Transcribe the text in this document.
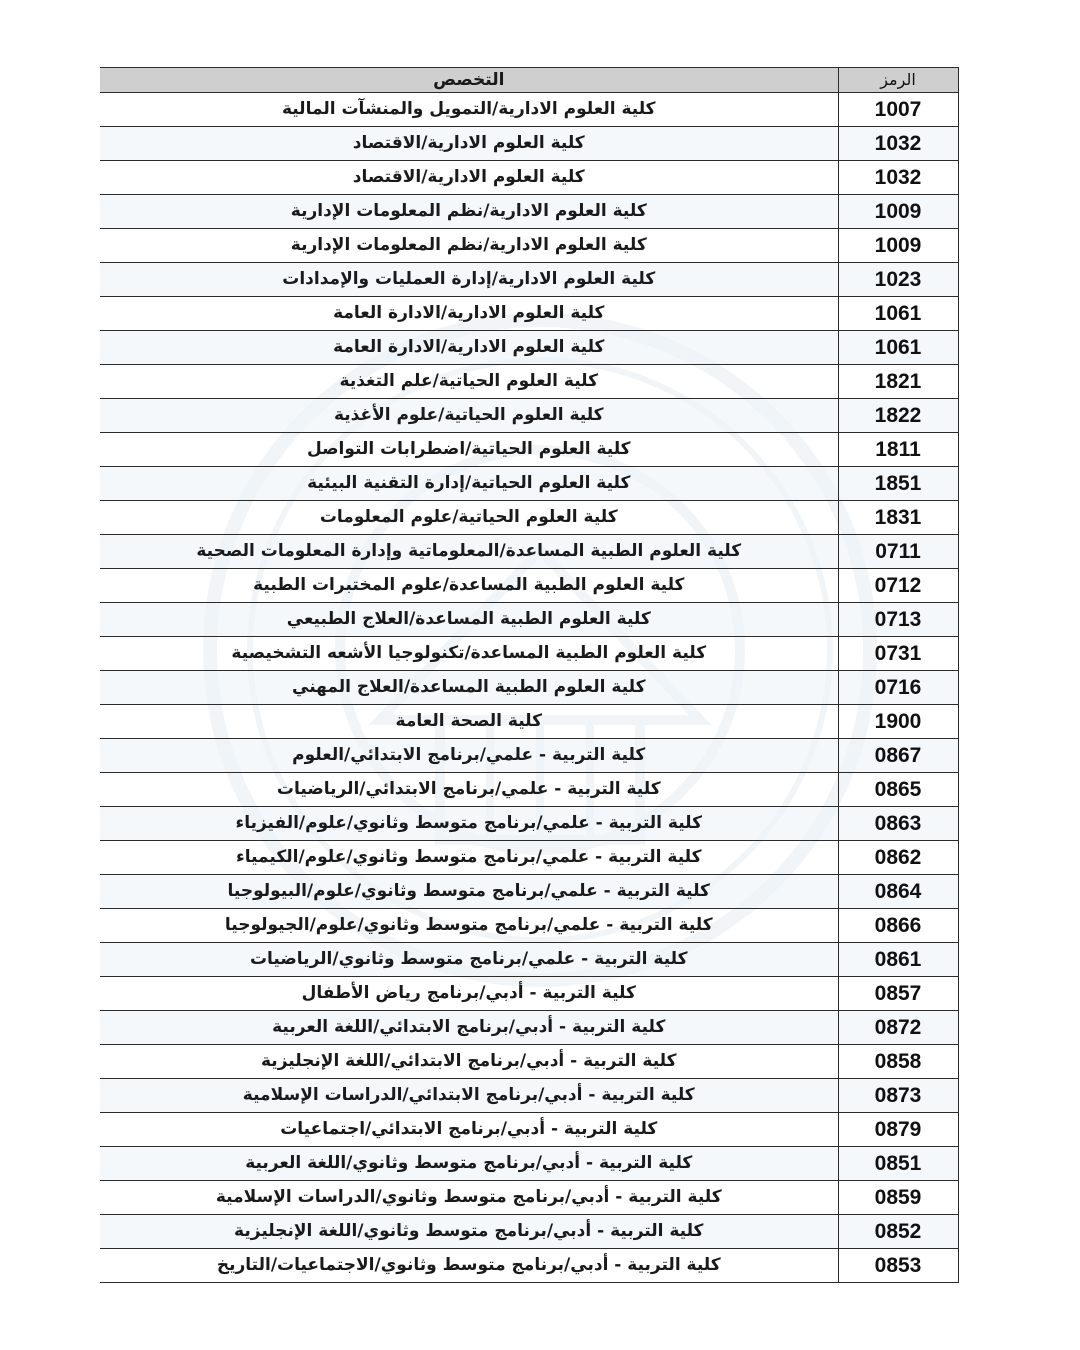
التخصص	الرمز
كلية العلوم الادارية/التمويل والمنشآت المالية	1007
كلية العلوم الادارية/الاقتصاد	1032
كلية العلوم الادارية/الاقتصاد	1032
كلية العلوم الادارية/نظم المعلومات الإدارية	1009
كلية العلوم الادارية/نظم المعلومات الإدارية	1009
كلية العلوم الادارية/إدارة العمليات والإمدادات	1023
كلية العلوم الادارية/الادارة العامة	1061
كلية العلوم الادارية/الادارة العامة	1061
كلية العلوم الحياتية/علم التغذية	1821
كلية العلوم الحياتية/علوم الأغذية	1822
كلية العلوم الحياتية/اضطرابات التواصل	1811
كلية العلوم الحياتية/إدارة التقنية البيئية	1851
كلية العلوم الحياتية/علوم المعلومات	1831
كلية العلوم الطبية المساعدة/المعلوماتية وإدارة المعلومات الصحية	0711
كلية العلوم الطبية المساعدة/علوم المختبرات الطبية	0712
كلية العلوم الطبية المساعدة/العلاج الطبيعي	0713
كلية العلوم الطبية المساعدة/تكنولوجيا الأشعه التشخيصية	0731
كلية العلوم الطبية المساعدة/العلاج المهني	0716
كلية الصحة العامة	1900
كلية التربية - علمي/برنامج الابتدائي/العلوم	0867
كلية التربية - علمي/برنامج الابتدائي/الرياضيات	0865
كلية التربية - علمي/برنامج متوسط وثانوي/علوم/الفيزياء	0863
كلية التربية - علمي/برنامج متوسط وثانوي/علوم/الكيمياء	0862
كلية التربية - علمي/برنامج متوسط وثانوي/علوم/البيولوجيا	0864
كلية التربية - علمي/برنامج متوسط وثانوي/علوم/الجيولوجيا	0866
كلية التربية - علمي/برنامج متوسط وثانوي/الرياضيات	0861
كلية التربية - أدبي/برنامج رياض الأطفال	0857
كلية التربية - أدبي/برنامج الابتدائي/اللغة العربية	0872
كلية التربية - أدبي/برنامج الابتدائي/اللغة الإنجليزية	0858
كلية التربية - أدبي/برنامج الابتدائي/الدراسات الإسلامية	0873
كلية التربية - أدبي/برنامج الابتدائي/اجتماعيات	0879
كلية التربية - أدبي/برنامج متوسط وثانوي/اللغة العربية	0851
كلية التربية - أدبي/برنامج متوسط وثانوي/الدراسات الإسلامية	0859
كلية التربية - أدبي/برنامج متوسط وثانوي/اللغة الإنجليزية	0852
كلية التربية - أدبي/برنامج متوسط وثانوي/الاجتماعيات/التاريخ	0853
